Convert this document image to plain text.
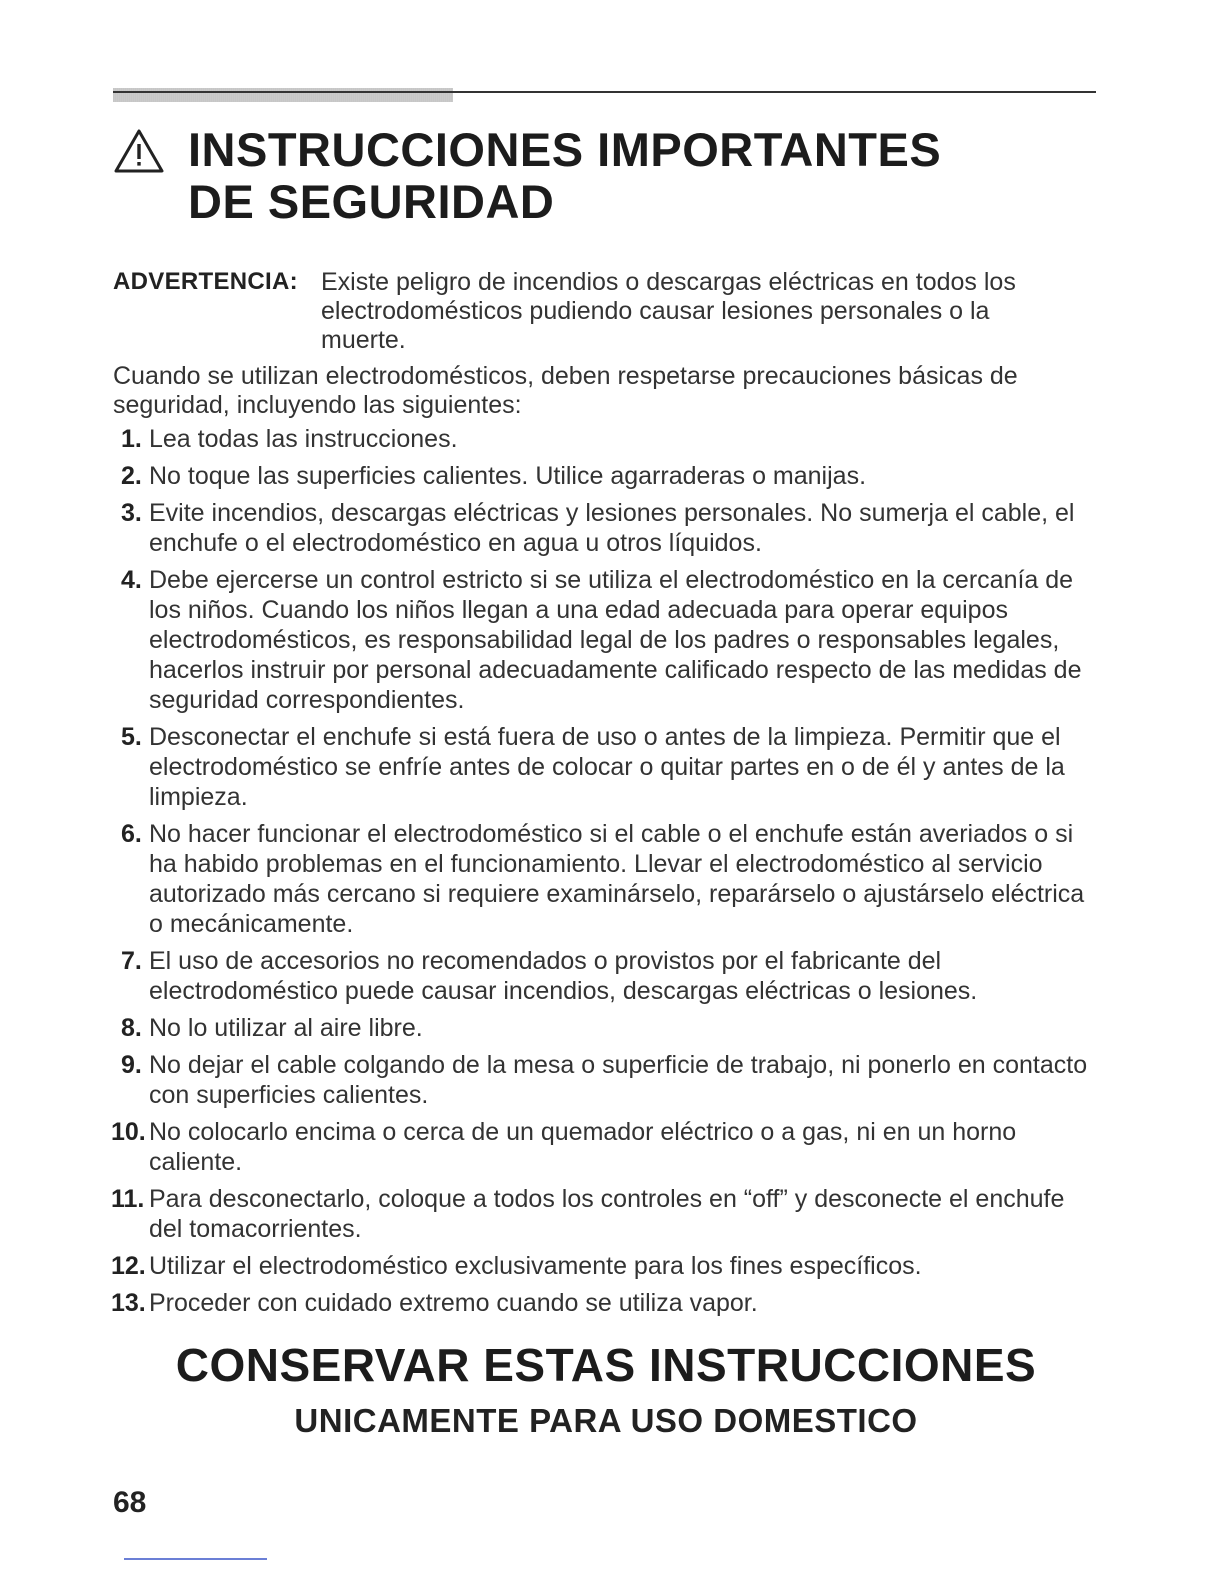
INSTRUCCIONES IMPORTANTES
DE SEGURIDAD
ADVERTENCIA: Existe peligro de incendios o descargas eléctricas en todos los electrodomésticos pudiendo causar lesiones personales o la muerte.
Cuando se utilizan electrodomésticos, deben respetarse precauciones básicas de seguridad, incluyendo las siguientes:
1. Lea todas las instrucciones.
2. No toque las superficies calientes. Utilice agarraderas o manijas.
3. Evite incendios, descargas eléctricas y lesiones personales. No sumerja el cable, el enchufe o el electrodoméstico en agua u otros líquidos.
4. Debe ejercerse un control estricto si se utiliza el electrodoméstico en la cercanía de los niños. Cuando los niños llegan a una edad adecuada para operar equipos electrodomésticos, es responsabilidad legal de los padres o responsables legales, hacerlos instruir por personal adecuadamente calificado respecto de las medidas de seguridad correspondientes.
5. Desconectar el enchufe si está fuera de uso o antes de la limpieza. Permitir que el electrodoméstico se enfríe antes de colocar o quitar partes en o de él y antes de la limpieza.
6. No hacer funcionar el electrodoméstico si el cable o el enchufe están averiados o si ha habido problemas en el funcionamiento. Llevar el electrodoméstico al servicio autorizado más cercano si requiere examinárselo, reparárselo o ajustárselo eléctrica o mecánicamente.
7. El uso de accesorios no recomendados o provistos por el fabricante del electrodoméstico puede causar incendios, descargas eléctricas o lesiones.
8. No lo utilizar al aire libre.
9. No dejar el cable colgando de la mesa o superficie de trabajo, ni ponerlo en contacto con superficies calientes.
10. No colocarlo encima o cerca de un quemador eléctrico o a gas, ni en un horno caliente.
11. Para desconectarlo, coloque a todos los controles en “off” y desconecte el enchufe del tomacorrientes.
12. Utilizar el electrodoméstico exclusivamente para los fines específicos.
13. Proceder con cuidado extremo cuando se utiliza vapor.
CONSERVAR ESTAS INSTRUCCIONES
UNICAMENTE PARA USO DOMESTICO
68
